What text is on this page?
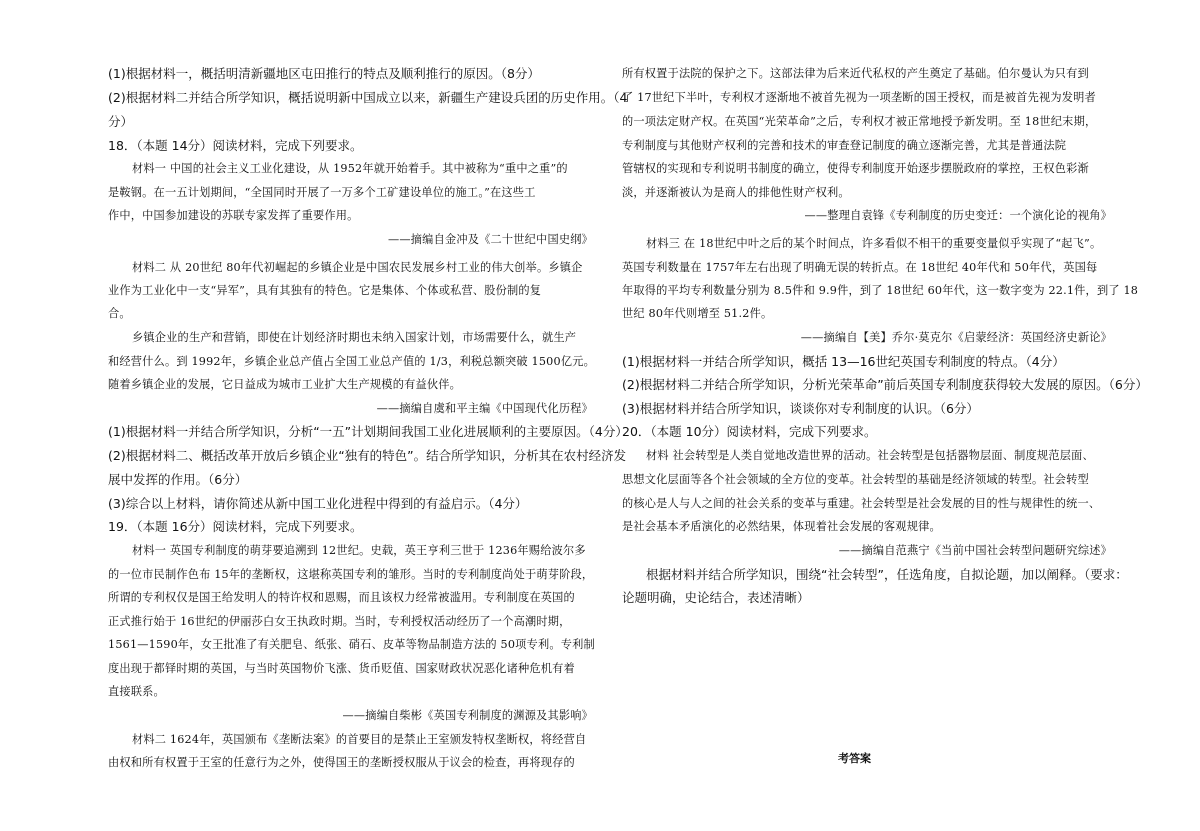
(1)根据材料一，概括明清新疆地区屯田推行的特点及顺利推行的原因。（8分）
(2)根据材料二并结合所学知识，概括说明新中国成立以来，新疆生产建设兵团的历史作用。（4
分）
18．（本题 14分）阅读材料，完成下列要求。
材料一 中国的社会主义工业化建设，从 1952年就开始着手。其中被称为“重中之重”的
是鞍钢。在一五计划期间，“全国同时开展了一万多个工矿建设单位的施工。”在这些工
作中，中国参加建设的苏联专家发挥了重要作用。
——摘编自金冲及《二十世纪中国史纲》
材料二 从 20世纪 80年代初崛起的乡镇企业是中国农民发展乡村工业的伟大创举。乡镇企
业作为工业化中一支“异军”，具有其独有的特色。它是集体、个体或私营、股份制的复
合。
乡镇企业的生产和营销，即使在计划经济时期也未纳入国家计划，市场需要什么，就生产
和经营什么。到 1992年，乡镇企业总产值占全国工业总产值的 1/3，利税总额突破 1500亿元。
随着乡镇企业的发展，它日益成为城市工业扩大生产规模的有益伙伴。
——摘编自虞和平主编《中国现代化历程》
(1)根据材料一并结合所学知识，分析“一五”计划期间我国工业化进展顺利的主要原因。（4分）
(2)根据材料二、概括改革开放后乡镇企业“独有的特色”。结合所学知识，分析其在农村经济发
展中发挥的作用。（6分）
(3)综合以上材料，请你简述从新中国工业化进程中得到的有益启示。（4分）
19．（本题 16分）阅读材料，完成下列要求。
材料一 英国专利制度的萌芽要追溯到 12世纪。史载，英王亨利三世于 1236年赐给波尔多
的一位市民制作色布 15年的垄断权，这堪称英国专利的雏形。当时的专利制度尚处于萌芽阶段，
所谓的专利权仅是国王给发明人的特许权和恩赐，而且该权力经常被滥用。专利制度在英国的
正式推行始于 16世纪的伊丽莎白女王执政时期。当时，专利授权活动经历了一个高潮时期，
1561—1590年，女王批准了有关肥皂、纸张、硝石、皮革等物品制造方法的 50项专利。专利制
度出现于都铎时期的英国，与当时英国物价飞涨、货币贬值、国家财政状况恶化诸种危机有着
直接联系。
——摘编自柴彬《英国专利制度的渊源及其影响》
材料二 1624年，英国颁布《垄断法案》的首要目的是禁止王室颁发特权垄断权，将经营自
由权和所有权置于王室的任意行为之外，使得国王的垄断授权服从于议会的检查，再将现存的
所有权置于法院的保护之下。这部法律为后来近代私权的产生奠定了基础。伯尔曼认为只有到
了 17世纪下半叶，专利权才逐渐地不被首先视为一项垄断的国王授权，而是被首先视为发明者
的一项法定财产权。在英国“光荣革命”之后，专利权才被正常地授予新发明。至 18世纪末期，
专利制度与其他财产权利的完善和技术的审查登记制度的确立逐渐完善，尤其是普通法院
管辖权的实现和专利说明书制度的确立，使得专利制度开始逐步摆脱政府的掌控，王权色彩渐
淡，并逐渐被认为是商人的排他性财产权利。
——整理自袁锋《专利制度的历史变迁：一个演化论的视角》
材料三 在 18世纪中叶之后的某个时间点，许多看似不相干的重要变量似乎实现了“起飞”。
英国专利数量在 1757年左右出现了明确无误的转折点。在 18世纪 40年代和 50年代，英国每
年取得的平均专利数量分别为 8.5件和 9.9件，到了 18世纪 60年代，这一数字变为 22.1件，到了 18
世纪 80年代则增至 51.2件。
——摘编自【美】乔尔·莫克尔《启蒙经济：英国经济史新论》
(1)根据材料一并结合所学知识，概括 13—16世纪英国专利制度的特点。（4分）
(2)根据材料二并结合所学知识，分析光荣革命”前后英国专利制度获得较大发展的原因。（6分）
(3)根据材料并结合所学知识，谈谈你对专利制度的认识。（6分）
20．（本题 10分）阅读材料，完成下列要求。
材料 社会转型是人类自觉地改造世界的活动。社会转型是包括器物层面、制度规范层面、
思想文化层面等各个社会领域的全方位的变革。社会转型的基础是经济领域的转型。社会转型
的核心是人与人之间的社会关系的变革与重建。社会转型是社会发展的目的性与规律性的统一、
是社会基本矛盾演化的必然结果，体现着社会发展的客观规律。
——摘编自范燕宁《当前中国社会转型问题研究综述》
根据材料并结合所学知识，围绕“社会转型”，任选角度，自拟论题，加以阐释。（要求：
论题明确，史论结合，表述清晰）
考答案
